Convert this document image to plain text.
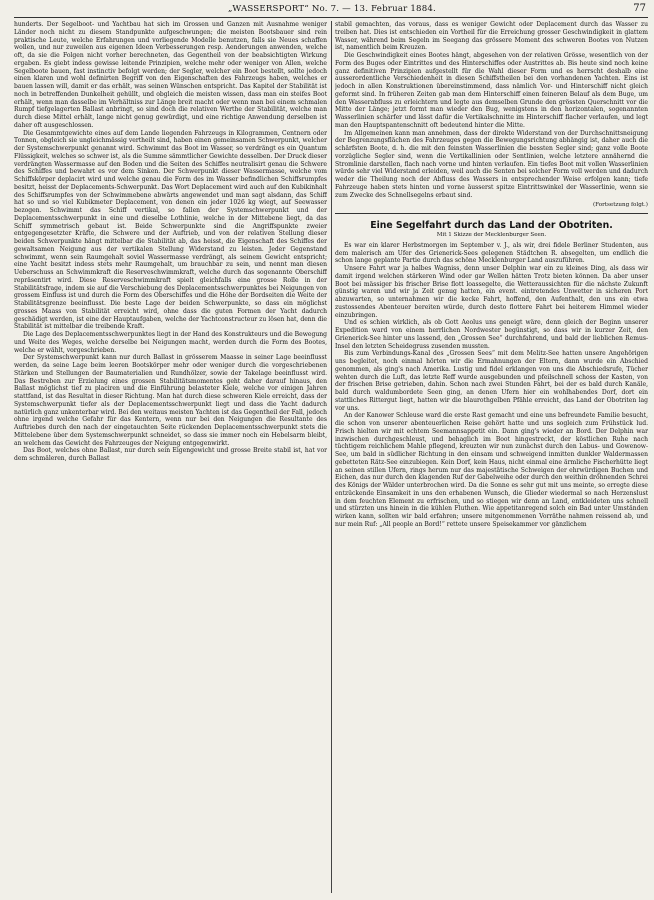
„WASSERSPORT“ No. 7. — 13. Februar 1884.	77

hunderts. Der Segelboot- und Yachtbau hat sich im Grossen und Ganzen mit Ausnahme weniger Länder noch nicht zu diesem Standpunkte aufgeschwungen; die meisten Bootsbauer sind rein praktische Leute, welche Erfahrungen und vorliegende Modelle benutzen, falls sie Neues schaffen wollen, und nur zuweilen aus eigenen Ideen Verbesserungen resp. Aenderungen anwenden, welche oft, da sie die Folgen nicht vorher berechneten, das Gegentheil von der beabsichtigten Wirkung ergaben. Es giebt indess gewisse leitende Prinzipien, welche mehr oder weniger von Allen, welche Segelboote bauen, fast instinctiv befolgt werden; der Segler, welcher ein Boot bestellt, sollte jedoch einen klaren und wohl definirten Begriff von den Eigenschaften des Fahrzeugs haben, welches er bauen lassen will, damit er das erhält, was seinen Wünschen entspricht. Das Kapitel der Stabilität ist noch in betreffenden Dunkelheit gehüllt, und obgleich die meisten wissen, dass man ein steifes Boot erhält, wenn man dasselbe im Verhältniss zur Länge breit macht oder wenn man bei einem schmalen Rumpf tiefgelagerten Ballast anbringt, so sind doch die relativen Werthe der Stabilität, welche man durch diese Mittel erhält, lange nicht genug gewürdigt, und eine richtige Anwendung derselben ist daher oft ausgeschlossen.

Die Gesammtgewichte eines auf dem Lande liegenden Fahrzeugs in Kilogrammen, Centnern oder Tonnen, obgleich sie ungleichmässig vertheilt sind, haben einen gemeinsamen Schwerpunkt, welcher der Systemschwerpunkt genannt wird. Schwimmt das Boot im Wasser, so verdrängt es ein Quantum Flüssigkeit, welches so schwer ist, als die Summe sämmtlicher Gewichte desselben. Der Druck dieser verdrängten Wassermasse auf den Boden und die Seiten des Schiffes neutralisirt genau die Schwere des Schiffes und bewahrt es vor dem Sinken. Der Schwerpunkt dieser Wassermasse, welche vom Schiffskörper deplacirt wird und welche genau die Form des im Wasser befindlichen Schiffsrumpfes besitzt, heisst der Deplacements-Schwerpunkt. Das Wort Deplacement wird auch auf den Kubikinhalt des Schiffsrumpfes von der Schwimmebene abwärts angewendet und man sagt alsdann, das Schiff hat so und so viel Kubikmeter Deplacement, von denen ein jeder 1026 kg wiegt, auf Seewasser bezogen. Schwimmt das Schiff vertikal, so fallen der Systemschwerpunkt und der Deplacementsschwerpunkt in eine und dieselbe Lothlinie, welche in der Mittebene liegt, da das Schiff symmetrisch gebaut ist. Beide Schwerpunkte sind die Angriffspunkte zweier entgegengesetzter Kräfte, die Schwere und der Auftrieb, und von der relativen Stellung dieser beiden Schwerpunkte hängt mittelbar die Stabilität ab, das heisst, die Eigenschaft des Schiffes der gewaltsamen Neigung aus der vertikalen Stellung Widerstand zu leisten. Jeder Gegenstand schwimmt, wenn sein Raumgehalt soviel Wassermasse verdrängt, als seinem Gewicht entspricht; eine Yacht besitzt indess stets mehr Raumgehalt, um brauchbar zu sein, und nennt man diesen Ueberschuss an Schwimmkraft die Reserveschwimmkraft, welche durch das sogenannte Oberschiff repräsentirt wird. Diese Reserveschwimmkraft spielt gleichfalls eine grosse Rolle in der Stabilitätsfrage, indem sie auf die Verschiebung des Deplacementsschwerpunktes bei Neigungen von grossem Einfluss ist und durch die Form des Oberschiffes und die Höhe der Bordseiten die Weite der Stabilitätsgrenze beeinflusst. Die beste Lage der beiden Schwerpunkte, so dass ein möglichst grosses Maass von Stabilität erreicht wird, ohne dass die guten Formen der Yacht dadurch geschädigt werden, ist eine der Hauptaufgaben, welche der Yachtconstructeur zu lösen hat, denn die Stabilität ist mittelbar die treibende Kraft.

Die Lage des Deplacementsschwerpunktes liegt in der Hand des Konstrukteurs und die Bewegung und Weite des Weges, welche derselbe bei Neigungen macht, werden durch die Form des Bootes, welche er wählt, vorgeschrieben.

Der Systemschwerpunkt kann nur durch Ballast in grösserem Maasse in seiner Lage beeinflusst werden, da seine Lage beim leeren Bootskörper mehr oder weniger durch die vorgeschriebenen Stärken und Stellungen der Baumaterialien und Rundhölzer, sowie der Takelage beeinflusst wird. Das Bestreben zur Erzielung eines grossen Stabilitätsmomentes geht daher darauf hinaus, den Ballast möglichst tief zu placiren und die Einführung belasteter Kiele, welche vor einigen Jahren stattfand, ist das Resultat in dieser Richtung. Man hat durch diese schweren Kiele erreicht, dass der Systemschwerpunkt tiefer als der Deplacementsschwerpunkt liegt und dass die Yacht dadurch natürlich ganz unkenterbar wird. Bei den weitaus meisten Yachten ist das Gegentheil der Fall, jedoch ohne irgend welche Gefahr für das Kentern, wenn nur bei den Neigungen die Resultante des Auftriebes durch den nach der eingetauchten Seite rückenden Deplacementsschwerpunkt stets die Mittelebene über dem Systemschwerpunkt schneidet, so dass sie immer noch ein Hebelsarm bleibt, an welchem das Gewicht des Fahrzeuges der Neigung entgegenwirkt.

Das Boot, welches ohne Ballast, nur durch sein Eigengewicht und grosse Breite stabil ist, hat vor dem schmäleren, durch Ballast

stabil gemachten, das voraus, dass es weniger Gewicht oder Deplacement durch das Wasser zu treiben hat. Dies ist entschieden ein Vortheil für die Erreichung grosser Geschwindigkeit in glattem Wasser, während beim Segeln im Seegang das grössere Moment des schweren Bootes von Nutzen ist, namentlich beim Kreuzen.

Die Geschwindigkeit eines Bootes hängt, abgesehen von der relativen Grösse, wesentlich von der Form des Buges oder Eintrittes und des Hinterschiffes oder Austrittes ab. Bis heute sind noch keine ganz definitiven Prinzipien aufgestellt für die Wahl dieser Form und es herrscht deshalb eine ausserordentliche Verschiedenheit in diesen Schiffstheilen bei den vorhandenen Yachten. Eins ist jedoch in allen Konstruktionen übereinstimmend, dass nämlich Vor- und Hinterschiff nicht gleich geformt sind. In früheren Zeiten gab man dem Hinterschiff einen feineren Belauf als dem Buge, um den Wasserabfluss zu erleichtern und legte aus demselben Grunde den grössten Querschnitt vor die Mitte der Länge; jetzt formt man wieder den Bug, wenigstens in den horizontalen, sogenannten Wasserlinien schärfer und lässt dafür die Vertikalschnitte im Hinterschiff flacher verlaufen, und legt man den Hauptspantenschnitt oft bedeutend hinter die Mitte.

Im Allgemeinen kann man annehmen, dass der direkte Widerstand von der Durchschnittsneigung der Begrenzungsflächen des Fahrzeuges gegen die Bewegungsrichtung abhängig ist, daher auch die schärfsten Boote, d. h. die mit den feinsten Wasserlinien die bessten Segler sind; ganz volle Boote vorzügliche Segler sind, wenn die Vertikallinien oder Sentlinien, welche letztere annähernd die Stromlinie darstellen, flach nach vorne und hinten verlaufen. Ein tiefes Boot mit vollen Wasserlinien würde sehr viel Widerstand erleiden, weil auch die Senten bei solcher Form voll werden und dadurch weder die Theilung noch der Abfluss des Wassers in entsprechender Weise erfolgen kann; tiefe Fahrzeuge haben stets hinten und vorne äusserst spitze Eintrittswinkel der Wasserlinie, wenn sie zum Zwecke des Schnellsegelns erbaut sind.

(Fortsetzung folgt.)
Eine Segelfahrt durch das Land der Obotriten.
Mit 1 Skizze der Mecklenburger Seen.

Es war ein klarer Herbstmorgen im September v. J., als wir, drei fidele Berliner Studenten, aus dem malerisch am Ufer des Grienerick-Sees gelegenen Städtchen R. absegelten, um endlich die schon lange geplante Partie durch das schöne Mecklenburger Land auszuführen.

Unsere Fahrt war ja halbes Wagniss, denn unser Delphin war ein zu kleines Ding, als dass wir damit irgend welchen stärkeren Wind oder gar Wellen hätten Trotz bieten können. Da aber unser Boot bei mässiger bis frischer Brise flott loassegelte, die Wetteraussichten für die nächste Zukunft günstig waren und wir ja Zeit genug hatten, ein event. eintretendes Unwetter in sicheren Port abzuwarten, so unternahmen wir die kecke Fahrt, hoffend, den Aufenthalt, den uns ein etwa zustossendes Abenteuer bereiten würde, durch desto flottere Fahrt bei heiterem Himmel wieder einzubringen.

Und es schien wirklich, als ob Gott Aeolus uns geneigt wäre, denn gleich der Beginn unserer Expedition ward von einem herrlichen Nordwester begünstigt, so dass wir in kurzer Zeit, den Grienerick-See hinter uns lassend, den „Grossen See“ durchfahrend, und bald der lieblichen Remus-Insel den letzten Scheidegruss zusenden mussten.

Bis zum Verbindungs-Kanal des „Grossen Sees“ mit dem Melitz-See hatten unsere Angehörigen uns begleitet, noch einmal hörten wir die Ermahnungen der Eltern, dann wurde ein Abschied genommen, als ging's nach Amerika. Lustig und fidel erklangen von uns die Abschiedsrufe, Tücher wehten durch die Luft, das letzte Reff wurde ausgebunden und pfeilschnell schoss der Kasten, von der frischen Brise getrieben, dahin. Schon nach zwei Stunden Fahrt, bei der es bald durch Kanäle, bald durch waldumbordete Seen ging, an denen Ufern hier ein wohlhabendes Dorf, dort ein stattliches Rittergut liegt, hatten wir die blaurothgelben Pfähle erreicht, das Land der Obotriten lag vor uns.

An der Kanower Schleuse ward die erste Rast gemacht und eine uns befreundete Familie besucht, die schon von unserer abenteuerlichen Reise gehört hatte und uns sogleich zum Frühstück lud. Frisch hielten wir mit echtem Seemannsappetit ein. Dann ging's wieder an Bord. Der Delphin war inzwischen durchgeschleust, und behaglich im Boot hingestreckt, der köstlichen Ruhe nach tüchtigem reichlichem Mahle pflegend, kreuzten wir nun zunächst durch den Labus- und Gowenow-See, um bald in südlicher Richtung in den einsam und schweigend inmitten dunkler Waldermassen gebetteten Rätz-See einzubiegen. Kein Dorf, kein Haus, nicht einmal eine ärmliche Fischerhütte liegt an seinen stillen Ufern, rings herum nur das majestätische Schweigen der ehrwürdigen Buchen und Eichen, das nur durch den klagenden Ruf der Gabelweihe oder durch den weithin dröhnenden Schrei des Königs der Wälder unterbrochen wird. Da die Sonne es sehr gut mit uns meinte, so erregte diese entzückende Einsamkeit in uns den erhabenen Wunsch, die Glieder wiedermal so nach Herzenslust in dem feuchten Element zu erfrischen, und so stiegen wir denn an Land, entkleideten uns schnell und stürzten uns hinein in die kühlen Fluthen. Wie appetitanregend solch ein Bad unter Umständen wirken kann, sollten wir bald erfahren; unsere mitgenommenen Vorräthe nahmen reissend ab, und nur mein Ruf: „All people an Bord!“ rettete unsere Speisekammer vor gänzlichem
